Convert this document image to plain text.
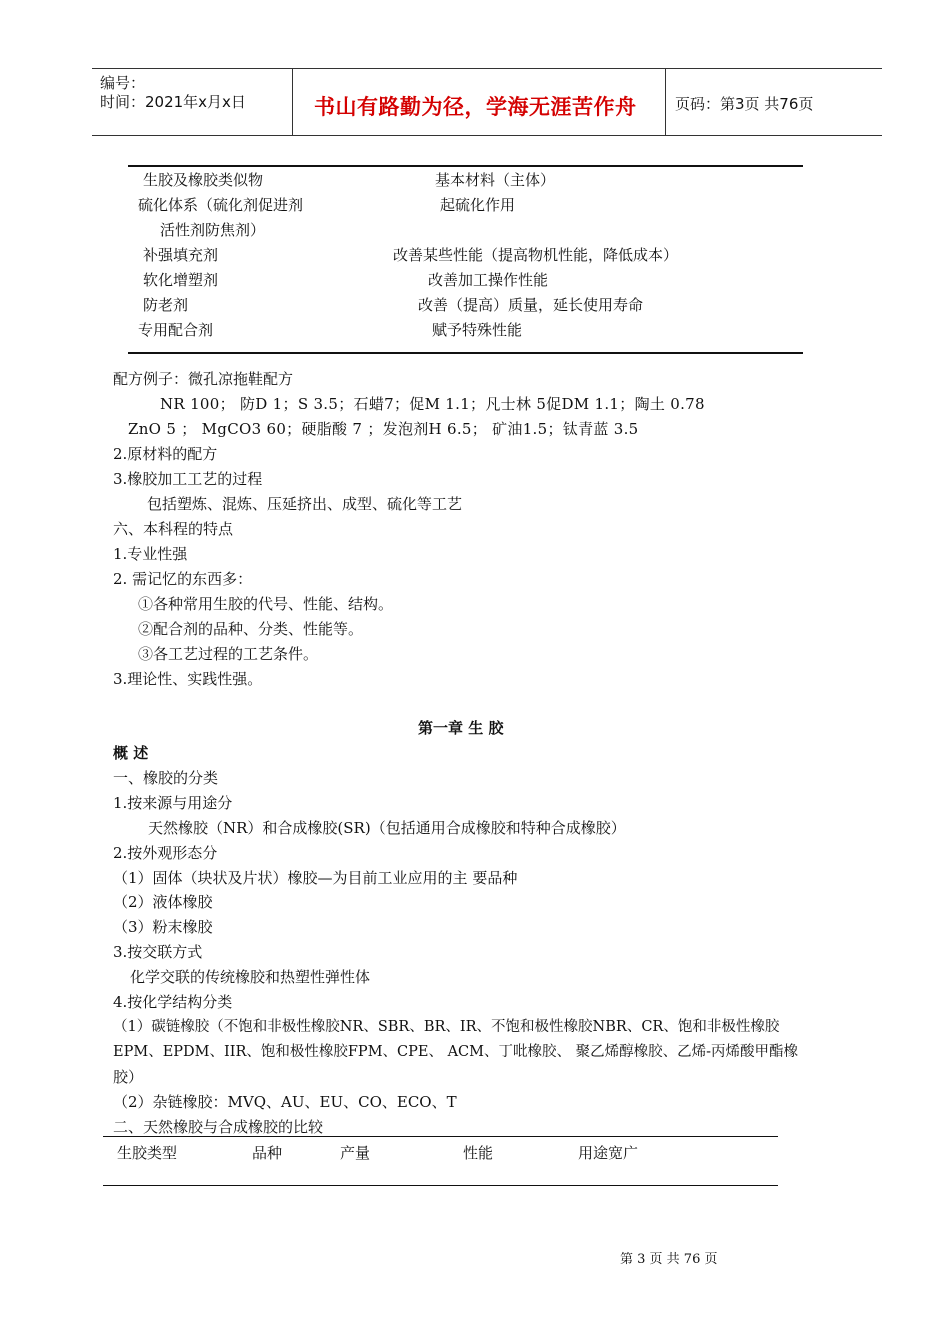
编号：
时间：2021年x月x日	书山有路勤为径，学海无涯苦作舟	页码：第3页 共76页
生胶及橡胶类似物	基本材料（主体）
硫化体系（硫化剂促进剂	起硫化作用
活性剂防焦剂）
补强填充剂	改善某些性能（提高物机性能，降低成本）
软化增塑剂	改善加工操作性能
防老剂	改善（提高）质量，延长使用寿命
专用配合剂	赋予特殊性能
配方例子：微孔凉拖鞋配方
NR 100； 防D 1；S 3.5；石蜡7；促M 1.1；凡士林 5促DM 1.1；陶土 0.78
ZnO 5 ； MgCO3 60；硬脂酸 7 ；发泡剂H 6.5； 矿油1.5；钛青蓝 3.5
2.原材料的配方
3.橡胶加工工艺的过程
包括塑炼、混炼、压延挤出、成型、硫化等工艺
六、本科程的特点
1.专业性强
2. 需记忆的东西多：
①各种常用生胶的代号、性能、结构。
②配合剂的品种、分类、性能等。
③各工艺过程的工艺条件。
3.理论性、实践性强。
第一章 生 胶
概 述
一、橡胶的分类
1.按来源与用途分
天然橡胶（NR）和合成橡胶(SR)（包括通用合成橡胶和特种合成橡胶）
2.按外观形态分
（1）固体（块状及片状）橡胶—为目前工业应用的主 要品种
（2）液体橡胶
（3）粉末橡胶
3.按交联方式
化学交联的传统橡胶和热塑性弹性体
4.按化学结构分类
（1）碳链橡胶（不饱和非极性橡胶NR、SBR、BR、IR、不饱和极性橡胶NBR、CR、饱和非极性橡胶
EPM、EPDM、IIR、饱和极性橡胶FPM、CPE、 ACM、丁吡橡胶、 聚乙烯醇橡胶、乙烯-丙烯酸甲酯橡
胶）
（2）杂链橡胶：MVQ、AU、EU、CO、ECO、T
二、天然橡胶与合成橡胶的比较
生胶类型	品种	产量	性能	用途宽广
第 3 页 共 76 页
